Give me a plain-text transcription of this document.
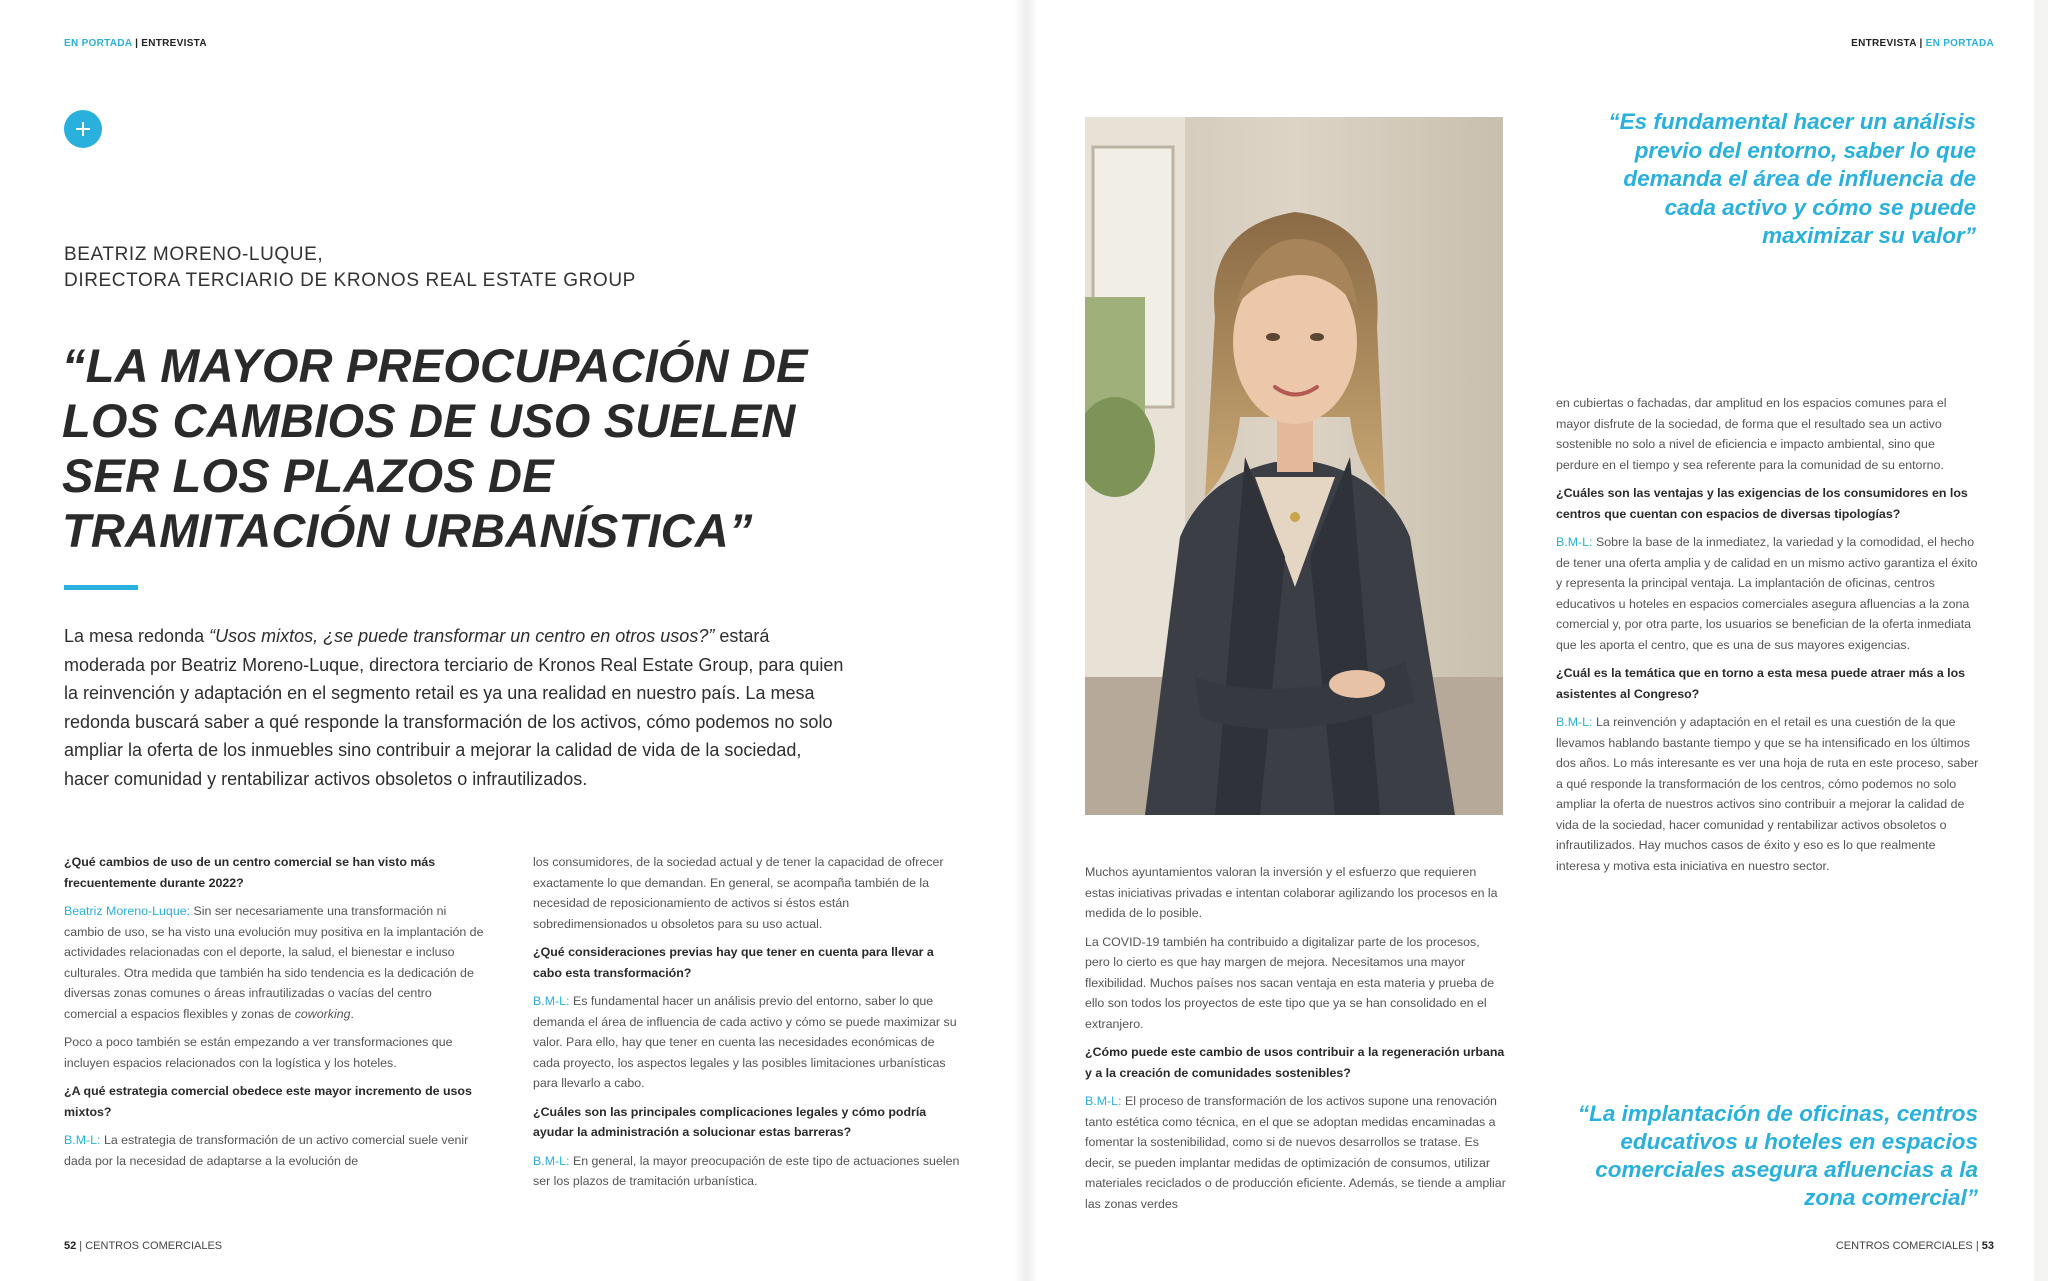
EN PORTADA | ENTREVISTA
BEATRIZ MORENO-LUQUE,
DIRECTORA TERCIARIO DE KRONOS REAL ESTATE GROUP
“LA MAYOR PREOCUPACIÓN DE LOS CAMBIOS DE USO SUELEN SER LOS PLAZOS DE TRAMITACIÓN URBANÍSTICA”

La mesa redonda “Usos mixtos, ¿se puede transformar un centro en otros usos?” estará moderada por Beatriz Moreno-Luque, directora terciario de Kronos Real Estate Group, para quien la reinvención y adaptación en el segmento retail es ya una realidad en nuestro país. La mesa redonda buscará saber a qué responde la transformación de los activos, cómo podemos no solo ampliar la oferta de los inmuebles sino contribuir a mejorar la calidad de vida de la sociedad, hacer comunidad y rentabilizar activos obsoletos o infrautilizados.

¿Qué cambios de uso de un centro comercial se han visto más frecuentemente durante 2022?

Beatriz Moreno-Luque: Sin ser necesariamente una transformación ni cambio de uso, se ha visto una evolución muy positiva en la implantación de actividades relacionadas con el deporte, la salud, el bienestar e incluso culturales. Otra medida que también ha sido tendencia es la dedicación de diversas zonas comunes o áreas infrautilizadas o vacías del centro comercial a espacios flexibles y zonas de coworking.

Poco a poco también se están empezando a ver transformaciones que incluyen espacios relacionados con la logística y los hoteles.

¿A qué estrategia comercial obedece este mayor incremento de usos mixtos?

B.M-L: La estrategia de transformación de un activo comercial suele venir dada por la necesidad de adaptarse a la evolución de

los consumidores, de la sociedad actual y de tener la capacidad de ofrecer exactamente lo que demandan. En general, se acompaña también de la necesidad de reposicionamiento de activos si éstos están sobredimensionados u obsoletos para su uso actual.

¿Qué consideraciones previas hay que tener en cuenta para llevar a cabo esta transformación?

B.M-L: Es fundamental hacer un análisis previo del entorno, saber lo que demanda el área de influencia de cada activo y cómo se puede maximizar su valor. Para ello, hay que tener en cuenta las necesidades económicas de cada proyecto, los aspectos legales y las posibles limitaciones urbanísticas para llevarlo a cabo.

¿Cuáles son las principales complicaciones legales y cómo podría ayudar la administración a solucionar estas barreras?

B.M-L: En general, la mayor preocupación de este tipo de actuaciones suelen ser los plazos de tramitación urbanística.

52 | CENTROS COMERCIALES
ENTREVISTA | EN PORTADA
CENTROS COMERCIALES | 53

Muchos ayuntamientos valoran la inversión y el esfuerzo que requieren estas iniciativas privadas e intentan colaborar agilizando los procesos en la medida de lo posible.

La COVID-19 también ha contribuido a digitalizar parte de los procesos, pero lo cierto es que hay margen de mejora. Necesitamos una mayor flexibilidad. Muchos países nos sacan ventaja en esta materia y prueba de ello son todos los proyectos de este tipo que ya se han consolidado en el extranjero.

¿Cómo puede este cambio de usos contribuir a la regeneración urbana y a la creación de comunidades sostenibles?

B.M-L: El proceso de transformación de los activos supone una renovación tanto estética como técnica, en el que se adoptan medidas encaminadas a fomentar la sostenibilidad, como si de nuevos desarrollos se tratase. Es decir, se pueden implantar medidas de optimización de consumos, utilizar materiales reciclados o de producción eficiente. Además, se tiende a ampliar las zonas verdes

en cubiertas o fachadas, dar amplitud en los espacios comunes para el mayor disfrute de la sociedad, de forma que el resultado sea un activo sostenible no solo a nivel de eficiencia e impacto ambiental, sino que perdure en el tiempo y sea referente para la comunidad de su entorno.

¿Cuáles son las ventajas y las exigencias de los consumidores en los centros que cuentan con espacios de diversas tipologías?

B.M-L: Sobre la base de la inmediatez, la variedad y la comodidad, el hecho de tener una oferta amplia y de calidad en un mismo activo garantiza el éxito y representa la principal ventaja. La implantación de oficinas, centros educativos u hoteles en espacios comerciales asegura afluencias a la zona comercial y, por otra parte, los usuarios se benefician de la oferta inmediata que les aporta el centro, que es una de sus mayores exigencias.

¿Cuál es la temática que en torno a esta mesa puede atraer más a los asistentes al Congreso?

B.M-L: La reinvención y adaptación en el retail es una cuestión de la que llevamos hablando bastante tiempo y que se ha intensificado en los últimos dos años. Lo más interesante es ver una hoja de ruta en este proceso, saber a qué responde la transformación de los centros, cómo podemos no solo ampliar la oferta de nuestros activos sino contribuir a mejorar la calidad de vida de la sociedad, hacer comunidad y rentabilizar activos obsoletos o infrautilizados. Hay muchos casos de éxito y eso es lo que realmente interesa y motiva esta iniciativa en nuestro sector.

“Es fundamental hacer un análisis previo del entorno, saber lo que demanda el área de influencia de cada activo y cómo se puede maximizar su valor”

“La implantación de oficinas, centros educativos u hoteles en espacios comerciales asegura afluencias a la zona comercial”
